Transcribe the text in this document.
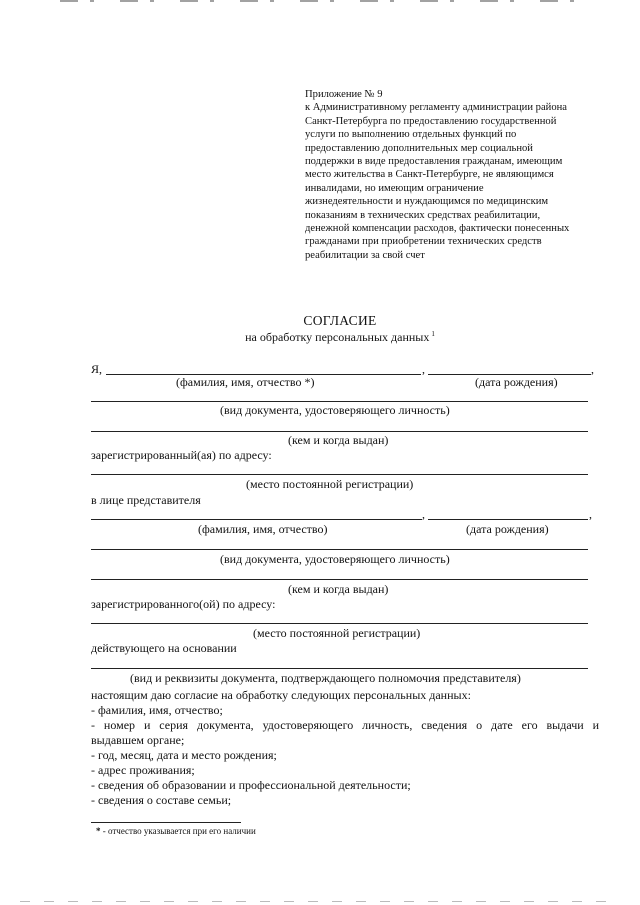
Приложение № 9
к Административному регламенту администрации района
Санкт-Петербурга по предоставлению государственной
услуги по выполнению отдельных функций по
предоставлению дополнительных мер социальной
поддержки в виде предоставления гражданам, имеющим
место жительства в Санкт-Петербурге, не являющимся
инвалидами, но имеющим ограничение
жизнедеятельности и нуждающимся по медицинским
показаниям в технических средствах реабилитации,
денежной компенсации расходов, фактически понесенных
гражданами при приобретении технических средств
реабилитации за свой счет
СОГЛАСИЕ
на обработку персональных данных $^1$
Я,	,	,
(фамилия, имя, отчество *)	(дата рождения)
(вид документа, удостоверяющего личность)
(кем и когда выдан)
зарегистрированный(ая) по адресу:
(место постоянной регистрации)
в лице представителя
,	,
(фамилия, имя, отчество)	(дата рождения)
(вид документа, удостоверяющего личность)
(кем и когда выдан)
зарегистрированного(ой) по адресу:
(место постоянной регистрации)
действующего на основании
(вид и реквизиты документа, подтверждающего полномочия представителя)
настоящим даю согласие на обработку следующих персональных данных:
- фамилия, имя, отчество;
- номер и серия документа, удостоверяющего личность, сведения о дате его выдачи и
выдавшем органе;
- год, месяц, дата и место рождения;
- адрес проживания;
- сведения об образовании и профессиональной деятельности;
- сведения о составе семьи;
* - отчество указывается при его наличии
